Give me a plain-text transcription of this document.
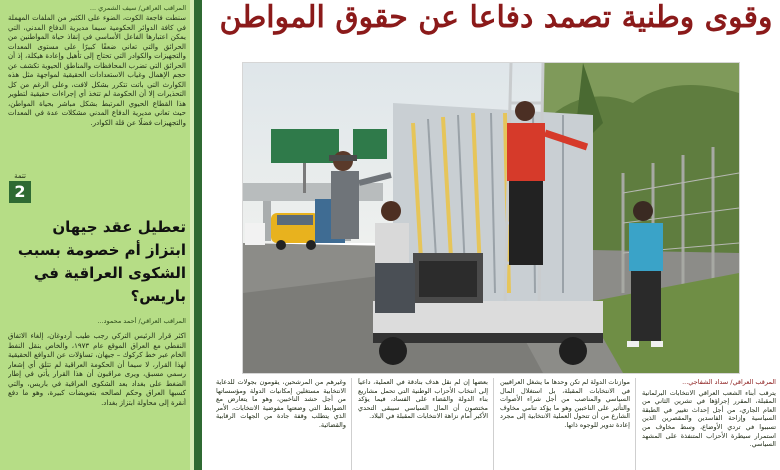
المراقب العراقي/ سيف الشمري ...
سنطت فاجعة الكوت، الضوء على الكثير من الملفات المهملة في كافة الدوائر الحكومية سيما مديرية الدفاع المدني، التي يمكن اعتبارها الفاعل الأساسي في إنقاذ حياة المواطنين من الحرائق والتي تعاني ضعفًا كبيرًا على مستوى المعدات والتجهيزات والكوادر التي تحتاج إلى تأهيل وإعادة هيكلة، إذ أن الحرائق التي تضرب المحافظات والمناطق الحيوية تكشف عن حجم الإهمال وغياب الاستعدادات الحقيقية لمواجهة مثل هذه الكوارث التي باتت تتكرر بشكل لافت، وعلى الرغم من كل التحذيرات إلا أن الحكومة لم تتخذ أي إجراءات حقيقية لتطوير هذا القطاع الحيوي المرتبط بشكل مباشر بحياة المواطن، حيث تعاني مديرية الدفاع المدني مشكلات عدة في المعدات والتجهيزات فضلًا عن قلة الكوادر.
تتمة
2
تعطيل عقد جيهان ابتزاز أم خصومة بسبب الشكوى العراقية في باريس؟
المراقب العراقي/ أحمد محمود...
اكثر قرار الرئيس التركي رجب طيب أردوغان، إلغاء الاتفاق النفطي مع العراق الموقع عام ١٩٧٣، والخاص بنقل النفط الخام عبر خط كركوك – جيهان، تساؤلات عن الدوافع الحقيقية لهذا القرار، لا سيما أن الحكومة العراقية لم تتلق أي إشعار رسمي مسبق، ويرى مراقبون أن هذا القرار يأتي في إطار الضغط على بغداد بعد الشكوى العراقية في باريس، والتي كسبها العراق وحكم لصالحه بتعويضات كبيرة، وهو ما دفع أنقرة إلى محاولة ابتزاز بغداد.
وقوى وطنية تصمد دفاعا عن حقوق المواطن
المرقب العراقي/ سداد الشفاجي...
يترقب أبناء الشعب العراقي الانتخابات البرلمانية المقبلة، المقرر إجراؤها في تشرين الثاني من العام الجاري، من أجل إحداث تغيير في الطبقة السياسية وإزاحة الفاسدين والمقصرين الذين تسببوا في تردي الأوضاع، وسط مخاوف من استمرار سيطرة الأحزاب المتنفذة على المشهد السياسي.
موازنات الدولة لم تكن وحدها ما يشغل العراقيين في الانتخابات المقبلة، بل استغلال المال السياسي والمناصب من أجل شراء الأصوات والتأثير على الناخبين وهو ما يؤكد تنامي مخاوف الشارع من أن تتحول العملية الانتخابية إلى مجرد إعادة تدوير للوجوه ذاتها.
بعضها إن لم نقل هدف بنادقة في العملية، داعياً إلى انتخاب الأحزاب الوطنية التي تحمل مشاريع بناء الدولة والقضاء على الفساد، فيما يؤكد مختصون أن المال السياسي سيبقى التحدي الأكبر أمام نزاهة الانتخابات المقبلة في البلاد.
وغيرهم من المرشحين، يقومون بجولات للدعاية الانتخابية مستغلين إمكانيات الدولة ومؤسساتها من أجل حشد الناخبين، وهو ما يتعارض مع الضوابط التي وضعتها مفوضية الانتخابات، الأمر الذي يتطلب وقفة جادة من الجهات الرقابية والقضائية.
